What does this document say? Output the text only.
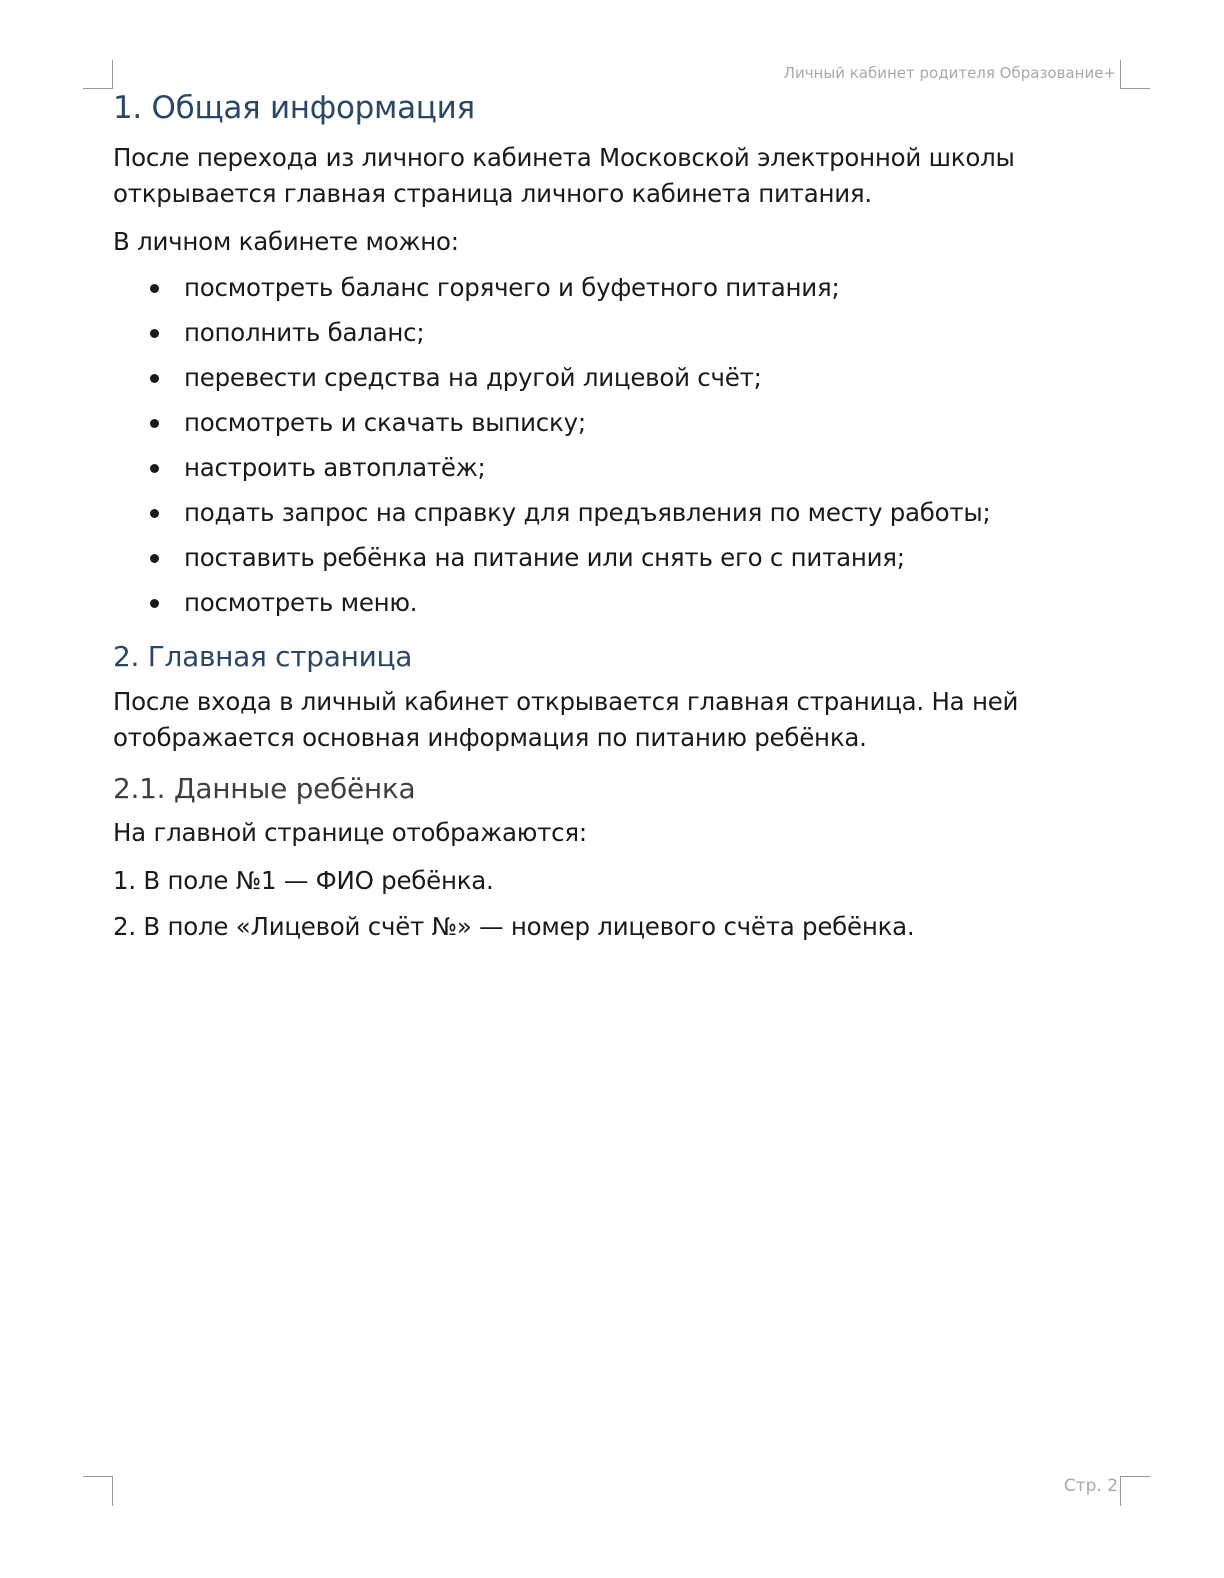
Личный кабинет родителя Образование+
1. Общая информация

После перехода из личного кабинета Московской электронной школы открывается главная страница личного кабинета питания.

В личном кабинете можно:

посмотреть баланс горячего и буфетного питания;
пополнить баланс;
перевести средства на другой лицевой счёт;
посмотреть и скачать выписку;
настроить автоплатёж;
подать запрос на справку для предъявления по месту работы;
поставить ребёнка на питание или снять его с питания;
посмотреть меню.
2. Главная страница

После входа в личный кабинет открывается главная страница. На ней отображается основная информация по питанию ребёнка.

2.1. Данные ребёнка

На главной странице отображаются:

1. В поле №1 — ФИО ребёнка.

2. В поле «Лицевой счёт №» — номер лицевого счёта ребёнка.

Стр. 2
